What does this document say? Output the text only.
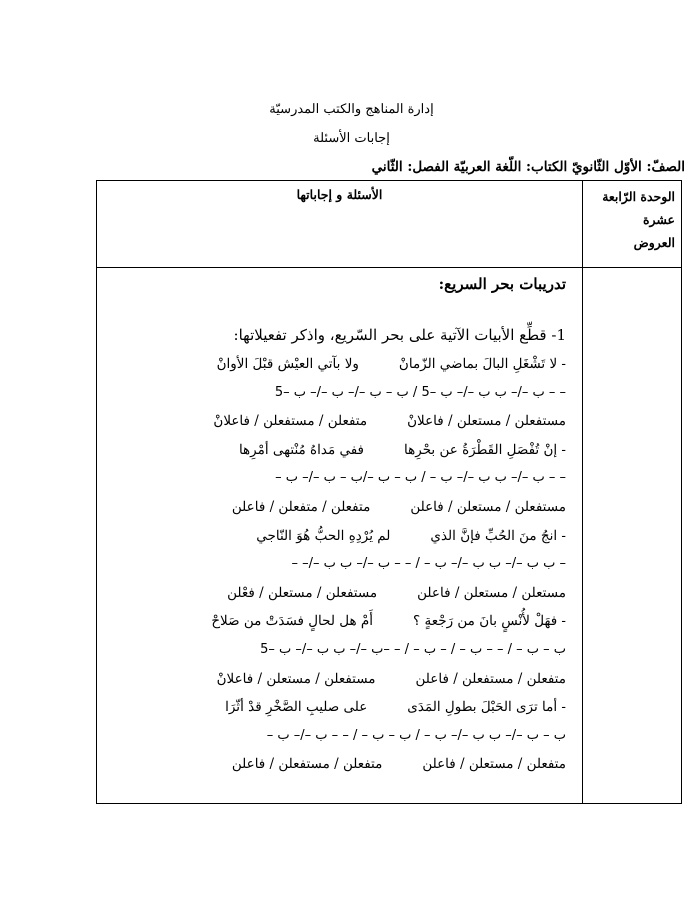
إدارة المناهج والكتب المدرسيّة
إجابات الأسئلة
الصفّ: الأوّل الثّانويّ الكتاب: اللّغة العربيّة الفصل: الثّاني
الوحدة الرّابعة
عشرة
العروض
الأسئلة و إجاباتها
تدريبات بحر السريع:
1- قطِّع الأبيات الآتية على بحر السّريع، واذكر تفعيلاتها:
- لا تَشْغَلِ البالَ بماضي الزّمانْولا بآتي العيْش قبْلَ الأوانْ
– – ب –/– ب ب –/– ب –5 / ب – ب –/– ب –/– ب –5
مستفعلن / مستعلن / فاعلانْمتفعلن / مستفعلن / فاعلانْ
- إنْ تُفْصَلِ القَطْرَةُ عن بحْرِهاففي مَداهُ مُنْتهى أمْرِها
– – ب –/– ب ب –/– ب – / ب – ب –/ب – ب –/– ب –
مستفعلن / مستعلن / فاعلنمتفعلن / متفعلن / فاعلن
- انجُ منَ الحُبِّ فإنَّ الذيلم يُرْدِهِ الحبُّ هُوَ النّاجي
– ب ب –/– ب ب –/– ب – / – – ب –/– ب ب –/– –
مستعلن / مستعلن / فاعلنمستفعلن / مستعلن / فعْلن
- فهَلْ لأُنْسٍ بانَ من رَجْعةٍ ؟أَمْ هل لحالٍ فسَدَتْ من صَلاحْ
ب – ب – / – – ب – / – ب – / – –ب –/– ب ب –/– ب –5
متفعلن / مستفعلن / فاعلنمستفعلن / مستعلن / فاعلانْ
- أما ترَى الحَبْلَ بطولِ المَدَىعلى صليبِ الصَّخْرِ قدْ أثّرَا
ب – ب –/– ب ب –/– ب – / ب – ب – / – – ب –/– ب –
متفعلن / مستعلن / فاعلنمتفعلن / مستفعلن / فاعلن
